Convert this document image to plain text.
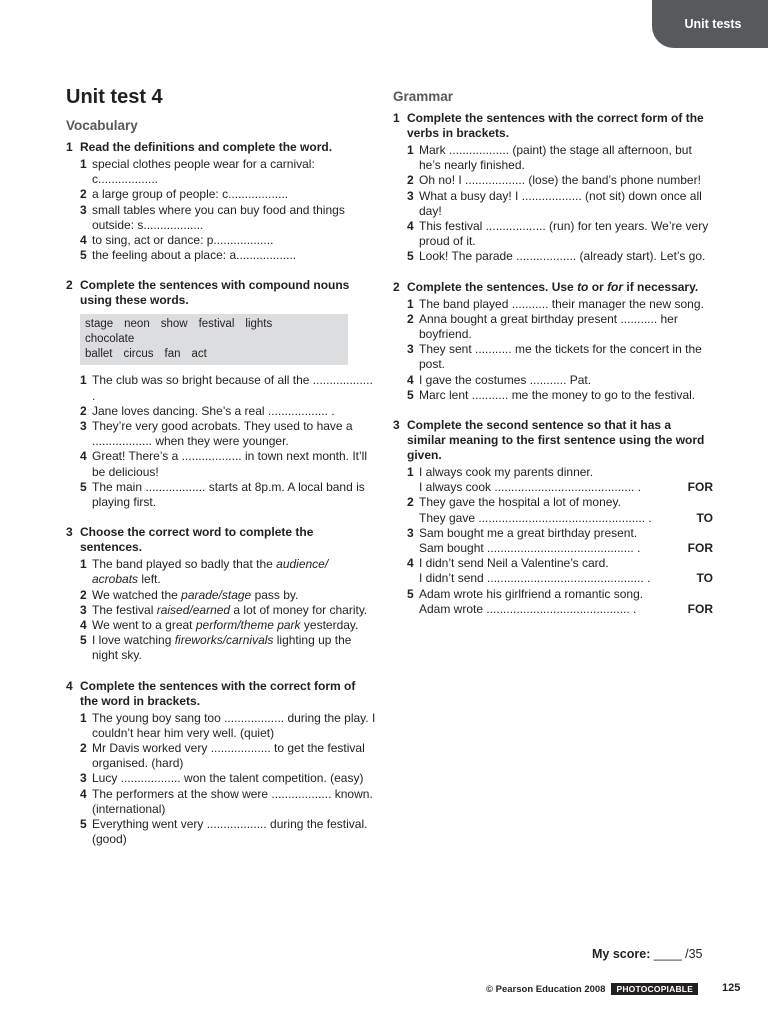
Unit tests
Unit test 4
Vocabulary
1 Read the definitions and complete the word.
1 special clothes people wear for a carnival: c..................
2 a large group of people: c..................
3 small tables where you can buy food and things outside: s..................
4 to sing, act or dance: p..................
5 the feeling about a place: a..................
2 Complete the sentences with compound nouns using these words.
stage neon show festival lights
chocolate
ballet circus fan act
1 The club was so bright because of all the .................. .
2 Jane loves dancing. She’s a real .................. .
3 They’re very good acrobats. They used to have a .................. when they were younger.
4 Great! There’s a .................. in town next month. It’ll be delicious!
5 The main .................. starts at 8p.m. A local band is playing first.
3 Choose the correct word to complete the sentences.
1 The band played so badly that the audience/ acrobats left.
2 We watched the parade/stage pass by.
3 The festival raised/earned a lot of money for charity.
4 We went to a great perform/theme park yesterday.
5 I love watching fireworks/carnivals lighting up the night sky.
4 Complete the sentences with the correct form of the word in brackets.
1 The young boy sang too .................. during the play. I couldn’t hear him very well. (quiet)
2 Mr Davis worked very .................. to get the festival organised. (hard)
3 Lucy .................. won the talent competition. (easy)
4 The performers at the show were .................. known. (international)
5 Everything went very .................. during the festival. (good)
Grammar
1 Complete the sentences with the correct form of the verbs in brackets.
1 Mark .................. (paint) the stage all afternoon, but he’s nearly finished.
2 Oh no! I .................. (lose) the band’s phone number!
3 What a busy day! I .................. (not sit) down once all day!
4 This festival .................. (run) for ten years. We’re very proud of it.
5 Look! The parade .................. (already start). Let’s go.
2 Complete the sentences. Use to or for if necessary.
1 The band played ........... their manager the new song.
2 Anna bought a great birthday present ........... her boyfriend.
3 They sent ........... me the tickets for the concert in the post.
4 I gave the costumes ........... Pat.
5 Marc lent ........... me the money to go to the festival.
3 Complete the second sentence so that it has a similar meaning to the first sentence using the word given.
1 I always cook my parents dinner.
I always cook .......................................... .	FOR
2 They gave the hospital a lot of money.
They gave .................................................. .	TO
3 Sam bought me a great birthday present.
Sam bought ............................................ .	FOR
4 I didn’t send Neil a Valentine’s card.
I didn’t send ............................................... .	TO
5 Adam wrote his girlfriend a romantic song.
Adam wrote ........................................... .	FOR
My score: ____ /35
© Pearson Education 2008	PHOTOCOPIABLE	125
